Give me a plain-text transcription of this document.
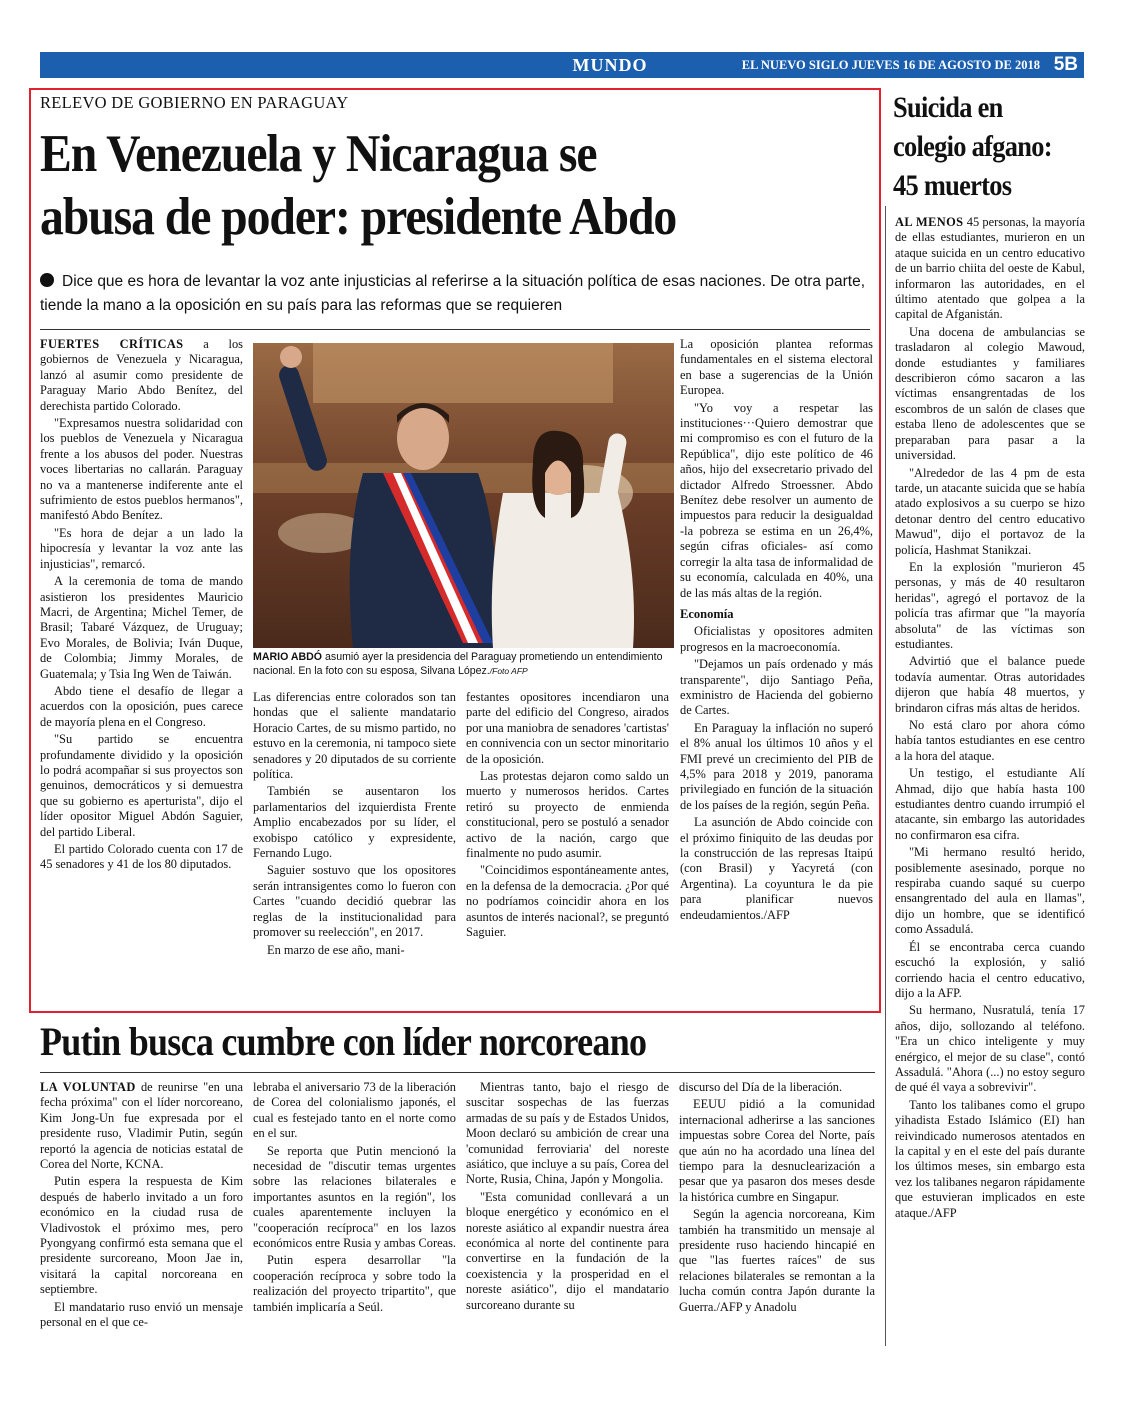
MUNDO	EL NUEVO SIGLO JUEVES 16 DE AGOSTO DE 2018 5B
RELEVO DE GOBIERNO EN PARAGUAY
En Venezuela y Nicaragua se
abusa de poder: presidente Abdo
Dice que es hora de levantar la voz ante injusticias al referirse a la situación política de esas naciones. De otra parte, tiende la mano a la oposición en su país para las reformas que se requieren

FUERTES CRÍTICAS a los gobiernos de Venezuela y Nicaragua, lanzó al asumir como presidente de Paraguay Mario Abdo Benítez, del derechista partido Colorado.

"Expresamos nuestra solidaridad con los pueblos de Venezuela y Nicaragua frente a los abusos del poder. Nuestras voces libertarias no callarán. Paraguay no va a mantenerse indiferente ante el sufrimiento de estos pueblos hermanos", manifestó Abdo Benítez.

"Es hora de dejar a un lado la hipocresía y levantar la voz ante las injusticias", remarcó.

A la ceremonia de toma de mando asistieron los presidentes Mauricio Macri, de Argentina; Michel Temer, de Brasil; Tabaré Vázquez, de Uruguay; Evo Morales, de Bolivia; Iván Duque, de Colombia; Jimmy Morales, de Guatemala; y Tsia Ing Wen de Taiwán.

Abdo tiene el desafío de llegar a acuerdos con la oposición, pues carece de mayoría plena en el Congreso.

"Su partido se encuentra profundamente dividido y la oposición lo podrá acompañar si sus proyectos son genuinos, democráticos y si demuestra que su gobierno es aperturista", dijo el líder opositor Miguel Abdón Saguier, del partido Liberal.

El partido Colorado cuenta con 17 de 45 senadores y 41 de los 80 diputados.

MARIO ABDÓ asumió ayer la presidencia del Paraguay prometiendo un entendimiento nacional. En la foto con su esposa, Silvana López./Foto AFP

Las diferencias entre colorados son tan hondas que el saliente mandatario Horacio Cartes, de su mismo partido, no estuvo en la ceremonia, ni tampoco siete senadores y 20 diputados de su corriente política.

También se ausentaron los parlamentarios del izquierdista Frente Amplio encabezados por su líder, el exobispo católico y expresidente, Fernando Lugo.

Saguier sostuvo que los opositores serán intransigentes como lo fueron con Cartes "cuando decidió quebrar las reglas de la institucionalidad para promover su reelección", en 2017.

En marzo de ese año, mani-

festantes opositores incendiaron una parte del edificio del Congreso, airados por una maniobra de senadores 'cartistas' en connivencia con un sector minoritario de la oposición.

Las protestas dejaron como saldo un muerto y numerosos heridos. Cartes retiró su proyecto de enmienda constitucional, pero se postuló a senador activo de la nación, cargo que finalmente no pudo asumir.

"Coincidimos espontáneamente antes, en la defensa de la democracia. ¿Por qué no podríamos coincidir ahora en los asuntos de interés nacional?, se preguntó Saguier.

La oposición plantea reformas fundamentales en el sistema electoral en base a sugerencias de la Unión Europea.

"Yo voy a respetar las instituciones···Quiero demostrar que mi compromiso es con el futuro de la República", dijo este político de 46 años, hijo del exsecretario privado del dictador Alfredo Stroessner. Abdo Benítez debe resolver un aumento de impuestos para reducir la desigualdad -la pobreza se estima en un 26,4%, según cifras oficiales- así como corregir la alta tasa de informalidad de su economía, calculada en 40%, una de las más altas de la región.

Economía

Oficialistas y opositores admiten progresos en la macroeconomía.

"Dejamos un país ordenado y más transparente", dijo Santiago Peña, exministro de Hacienda del gobierno de Cartes.

En Paraguay la inflación no superó el 8% anual los últimos 10 años y el FMI prevé un crecimiento del PIB de 4,5% para 2018 y 2019, panorama privilegiado en función de la situación de los países de la región, según Peña.

La asunción de Abdo coincide con el próximo finiquito de las deudas por la construcción de las represas Itaipú (con Brasil) y Yacyretá (con Argentina). La coyuntura le da pie para planificar nuevos endeudamientos./AFP

Suicida en
colegio afgano:
45 muertos

AL MENOS 45 personas, la mayoría de ellas estudiantes, murieron en un ataque suicida en un centro educativo de un barrio chiita del oeste de Kabul, informaron las autoridades, en el último atentado que golpea a la capital de Afganistán.

Una docena de ambulancias se trasladaron al colegio Mawoud, donde estudiantes y familiares describieron cómo sacaron a las víctimas ensangrentadas de los escombros de un salón de clases que estaba lleno de adolescentes que se preparaban para pasar a la universidad.

"Alrededor de las 4 pm de esta tarde, un atacante suicida que se había atado explosivos a su cuerpo se hizo detonar dentro del centro educativo Mawud", dijo el portavoz de la policía, Hashmat Stanikzai.

En la explosión "murieron 45 personas, y más de 40 resultaron heridas", agregó el portavoz de la policía tras afirmar que "la mayoría absoluta" de las víctimas son estudiantes.

Advirtió que el balance puede todavía aumentar. Otras autoridades dijeron que había 48 muertos, y brindaron cifras más altas de heridos.

No está claro por ahora cómo había tantos estudiantes en ese centro a la hora del ataque.

Un testigo, el estudiante Alí Ahmad, dijo que había hasta 100 estudiantes dentro cuando irrumpió el atacante, sin embargo las autoridades no confirmaron esa cifra.

"Mi hermano resultó herido, posiblemente asesinado, porque no respiraba cuando saqué su cuerpo ensangrentado del aula en llamas", dijo un hombre, que se identificó como Assadulá.

Él se encontraba cerca cuando escuchó la explosión, y salió corriendo hacia el centro educativo, dijo a la AFP.

Su hermano, Nusratulá, tenía 17 años, dijo, sollozando al teléfono. "Era un chico inteligente y muy enérgico, el mejor de su clase", contó Assadulá. "Ahora (...) no estoy seguro de qué él vaya a sobrevivir".

Tanto los talibanes como el grupo yihadista Estado Islámico (EI) han reivindicado numerosos atentados en la capital y en el este del país durante los últimos meses, sin embargo esta vez los talibanes negaron rápidamente que estuvieran implicados en este ataque./AFP

Putin busca cumbre con líder norcoreano

LA VOLUNTAD de reunirse "en una fecha próxima" con el líder norcoreano, Kim Jong-Un fue expresada por el presidente ruso, Vladimir Putin, según reportó la agencia de noticias estatal de Corea del Norte, KCNA.

Putin espera la respuesta de Kim después de haberlo invitado a un foro económico en la ciudad rusa de Vladivostok el próximo mes, pero Pyongyang confirmó esta semana que el presidente surcoreano, Moon Jae in, visitará la capital norcoreana en septiembre.

El mandatario ruso envió un mensaje personal en el que ce-

lebraba el aniversario 73 de la liberación de Corea del colonialismo japonés, el cual es festejado tanto en el norte como en el sur.

Se reporta que Putin mencionó la necesidad de "discutir temas urgentes sobre las relaciones bilaterales e importantes asuntos en la región", los cuales aparentemente incluyen la "cooperación recíproca" en los lazos económicos entre Rusia y ambas Coreas.

Putin espera desarrollar "la cooperación recíproca y sobre todo la realización del proyecto tripartito", que también implicaría a Seúl.

Mientras tanto, bajo el riesgo de suscitar sospechas de las fuerzas armadas de su país y de Estados Unidos, Moon declaró su ambición de crear una 'comunidad ferroviaria' del noreste asiático, que incluye a su país, Corea del Norte, Rusia, China, Japón y Mongolia.

"Esta comunidad conllevará a un bloque energético y económico en el noreste asiático al expandir nuestra área económica al norte del continente para convertirse en la fundación de la coexistencia y la prosperidad en el noreste asiático", dijo el mandatario surcoreano durante su

discurso del Día de la liberación.

EEUU pidió a la comunidad internacional adherirse a las sanciones impuestas sobre Corea del Norte, país que aún no ha acordado una línea del tiempo para la desnuclearización a pesar que ya pasaron dos meses desde la histórica cumbre en Singapur.

Según la agencia norcoreana, Kim también ha transmitido un mensaje al presidente ruso haciendo hincapié en que "las fuertes raíces" de sus relaciones bilaterales se remontan a la lucha común contra Japón durante la Guerra./AFP y Anadolu
